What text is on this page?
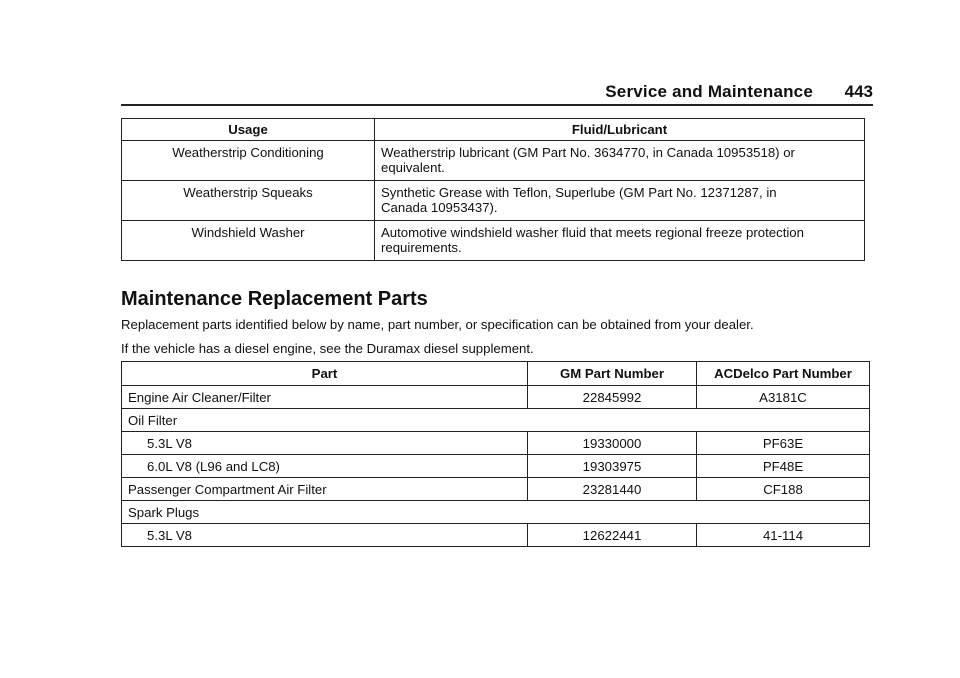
Service and Maintenance 443
Usage	Fluid/Lubricant
Weatherstrip Conditioning	Weatherstrip lubricant (GM Part No. 3634770, in Canada 10953518) or
equivalent.

Weatherstrip Squeaks	Synthetic Grease with Teflon, Superlube (GM Part No. 12371287, in
Canada 10953437).

Windshield Washer	Automotive windshield washer fluid that meets regional freeze protection
requirements.
Maintenance Replacement Parts

Replacement parts identified below by name, part number, or specification can be obtained from your dealer.

If the vehicle has a diesel engine, see the Duramax diesel supplement.

Part	GM Part Number	ACDelco Part Number
Engine Air Cleaner/Filter	22845992	A3181C
Oil Filter		
5.3L V8	19330000	PF63E
6.0L V8 (L96 and LC8)	19303975	PF48E
Passenger Compartment Air Filter	23281440	CF188
Spark Plugs		
5.3L V8	12622441	41‑114
